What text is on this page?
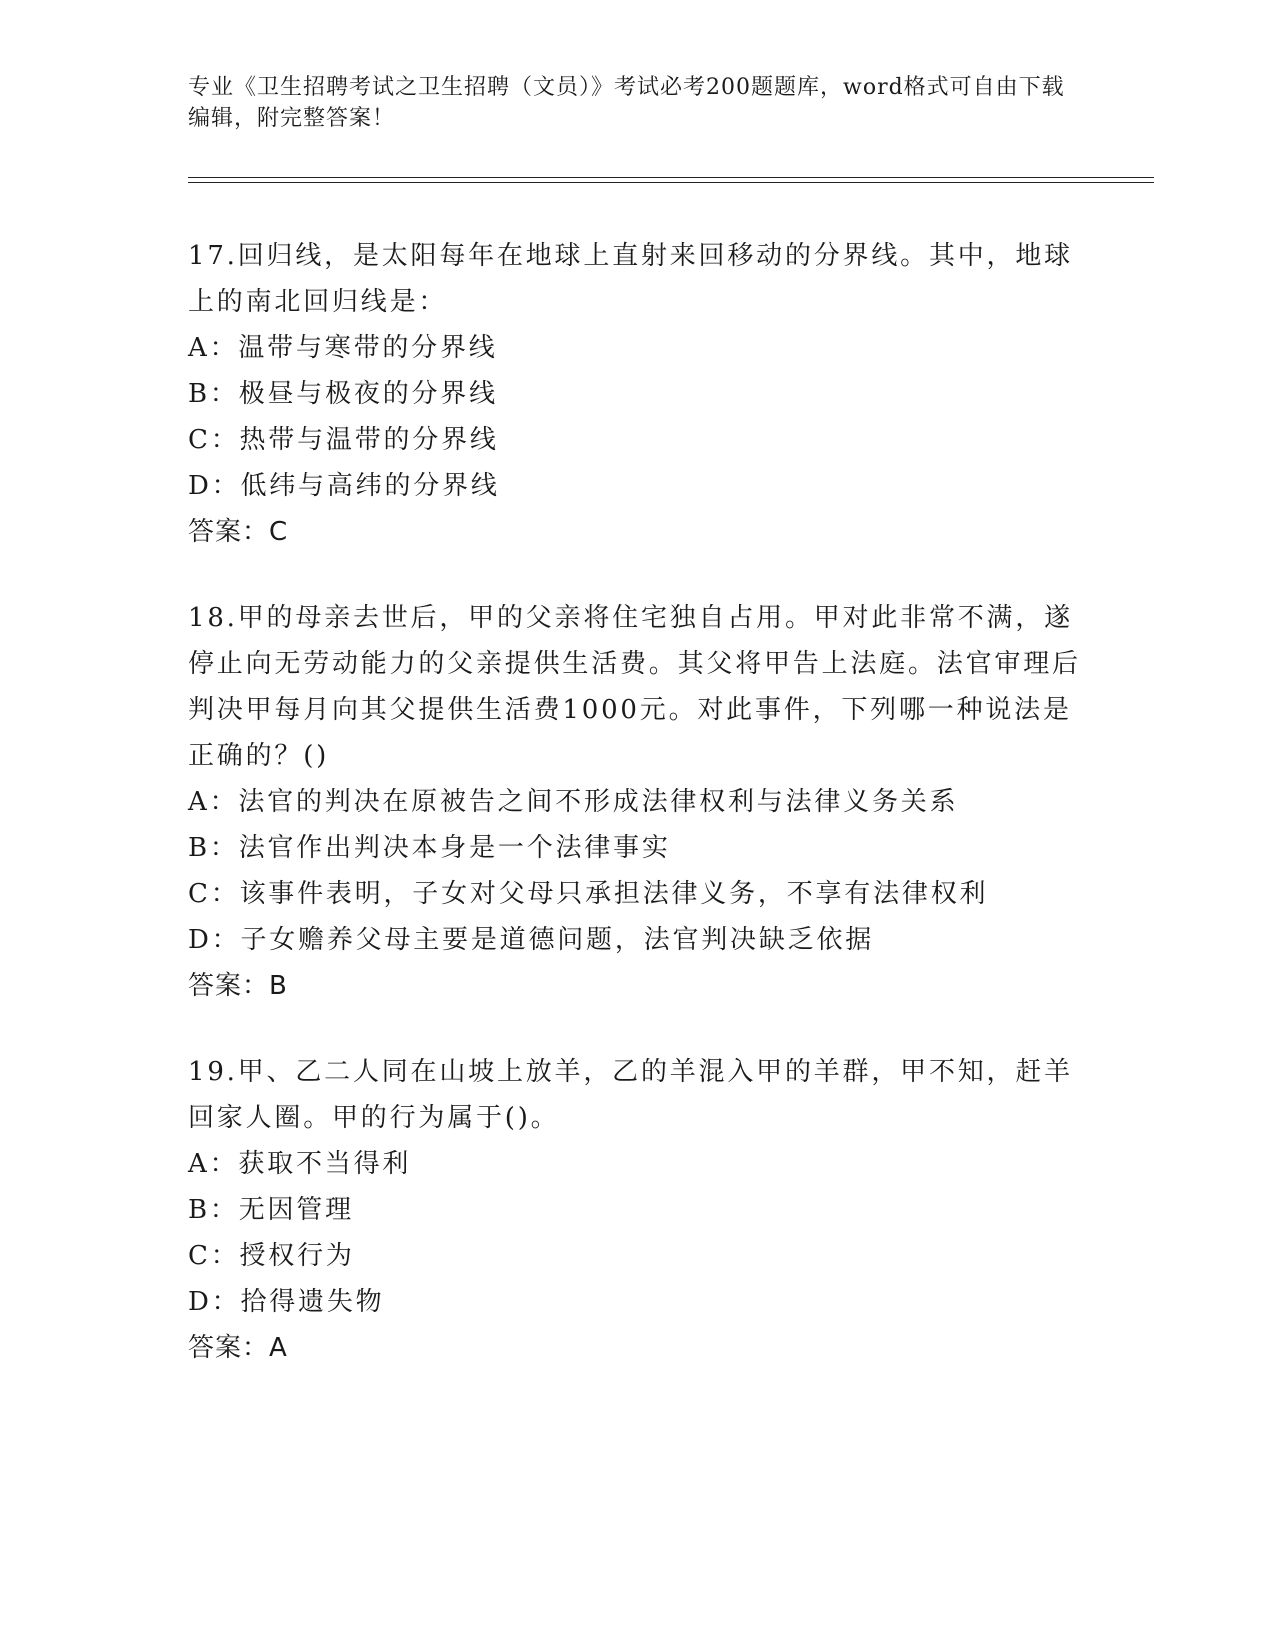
专业《卫生招聘考试之卫生招聘（文员）》考试必考200题题库，word格式可自由下载编辑，附完整答案！
17.回归线，是太阳每年在地球上直射来回移动的分界线。其中，地球上的南北回归线是：
A：温带与寒带的分界线
B：极昼与极夜的分界线
C：热带与温带的分界线
D：低纬与高纬的分界线
答案：C
18.甲的母亲去世后，甲的父亲将住宅独自占用。甲对此非常不满，遂停止向无劳动能力的父亲提供生活费。其父将甲告上法庭。法官审理后判决甲每月向其父提供生活费1000元。对此事件，下列哪一种说法是正确的？()
A：法官的判决在原被告之间不形成法律权利与法律义务关系
B：法官作出判决本身是一个法律事实
C：该事件表明，子女对父母只承担法律义务，不享有法律权利
D：子女赡养父母主要是道德问题，法官判决缺乏依据
答案：B
19.甲、乙二人同在山坡上放羊，乙的羊混入甲的羊群，甲不知，赶羊回家人圈。甲的行为属于()。
A：获取不当得利
B：无因管理
C：授权行为
D：拾得遗失物
答案：A
